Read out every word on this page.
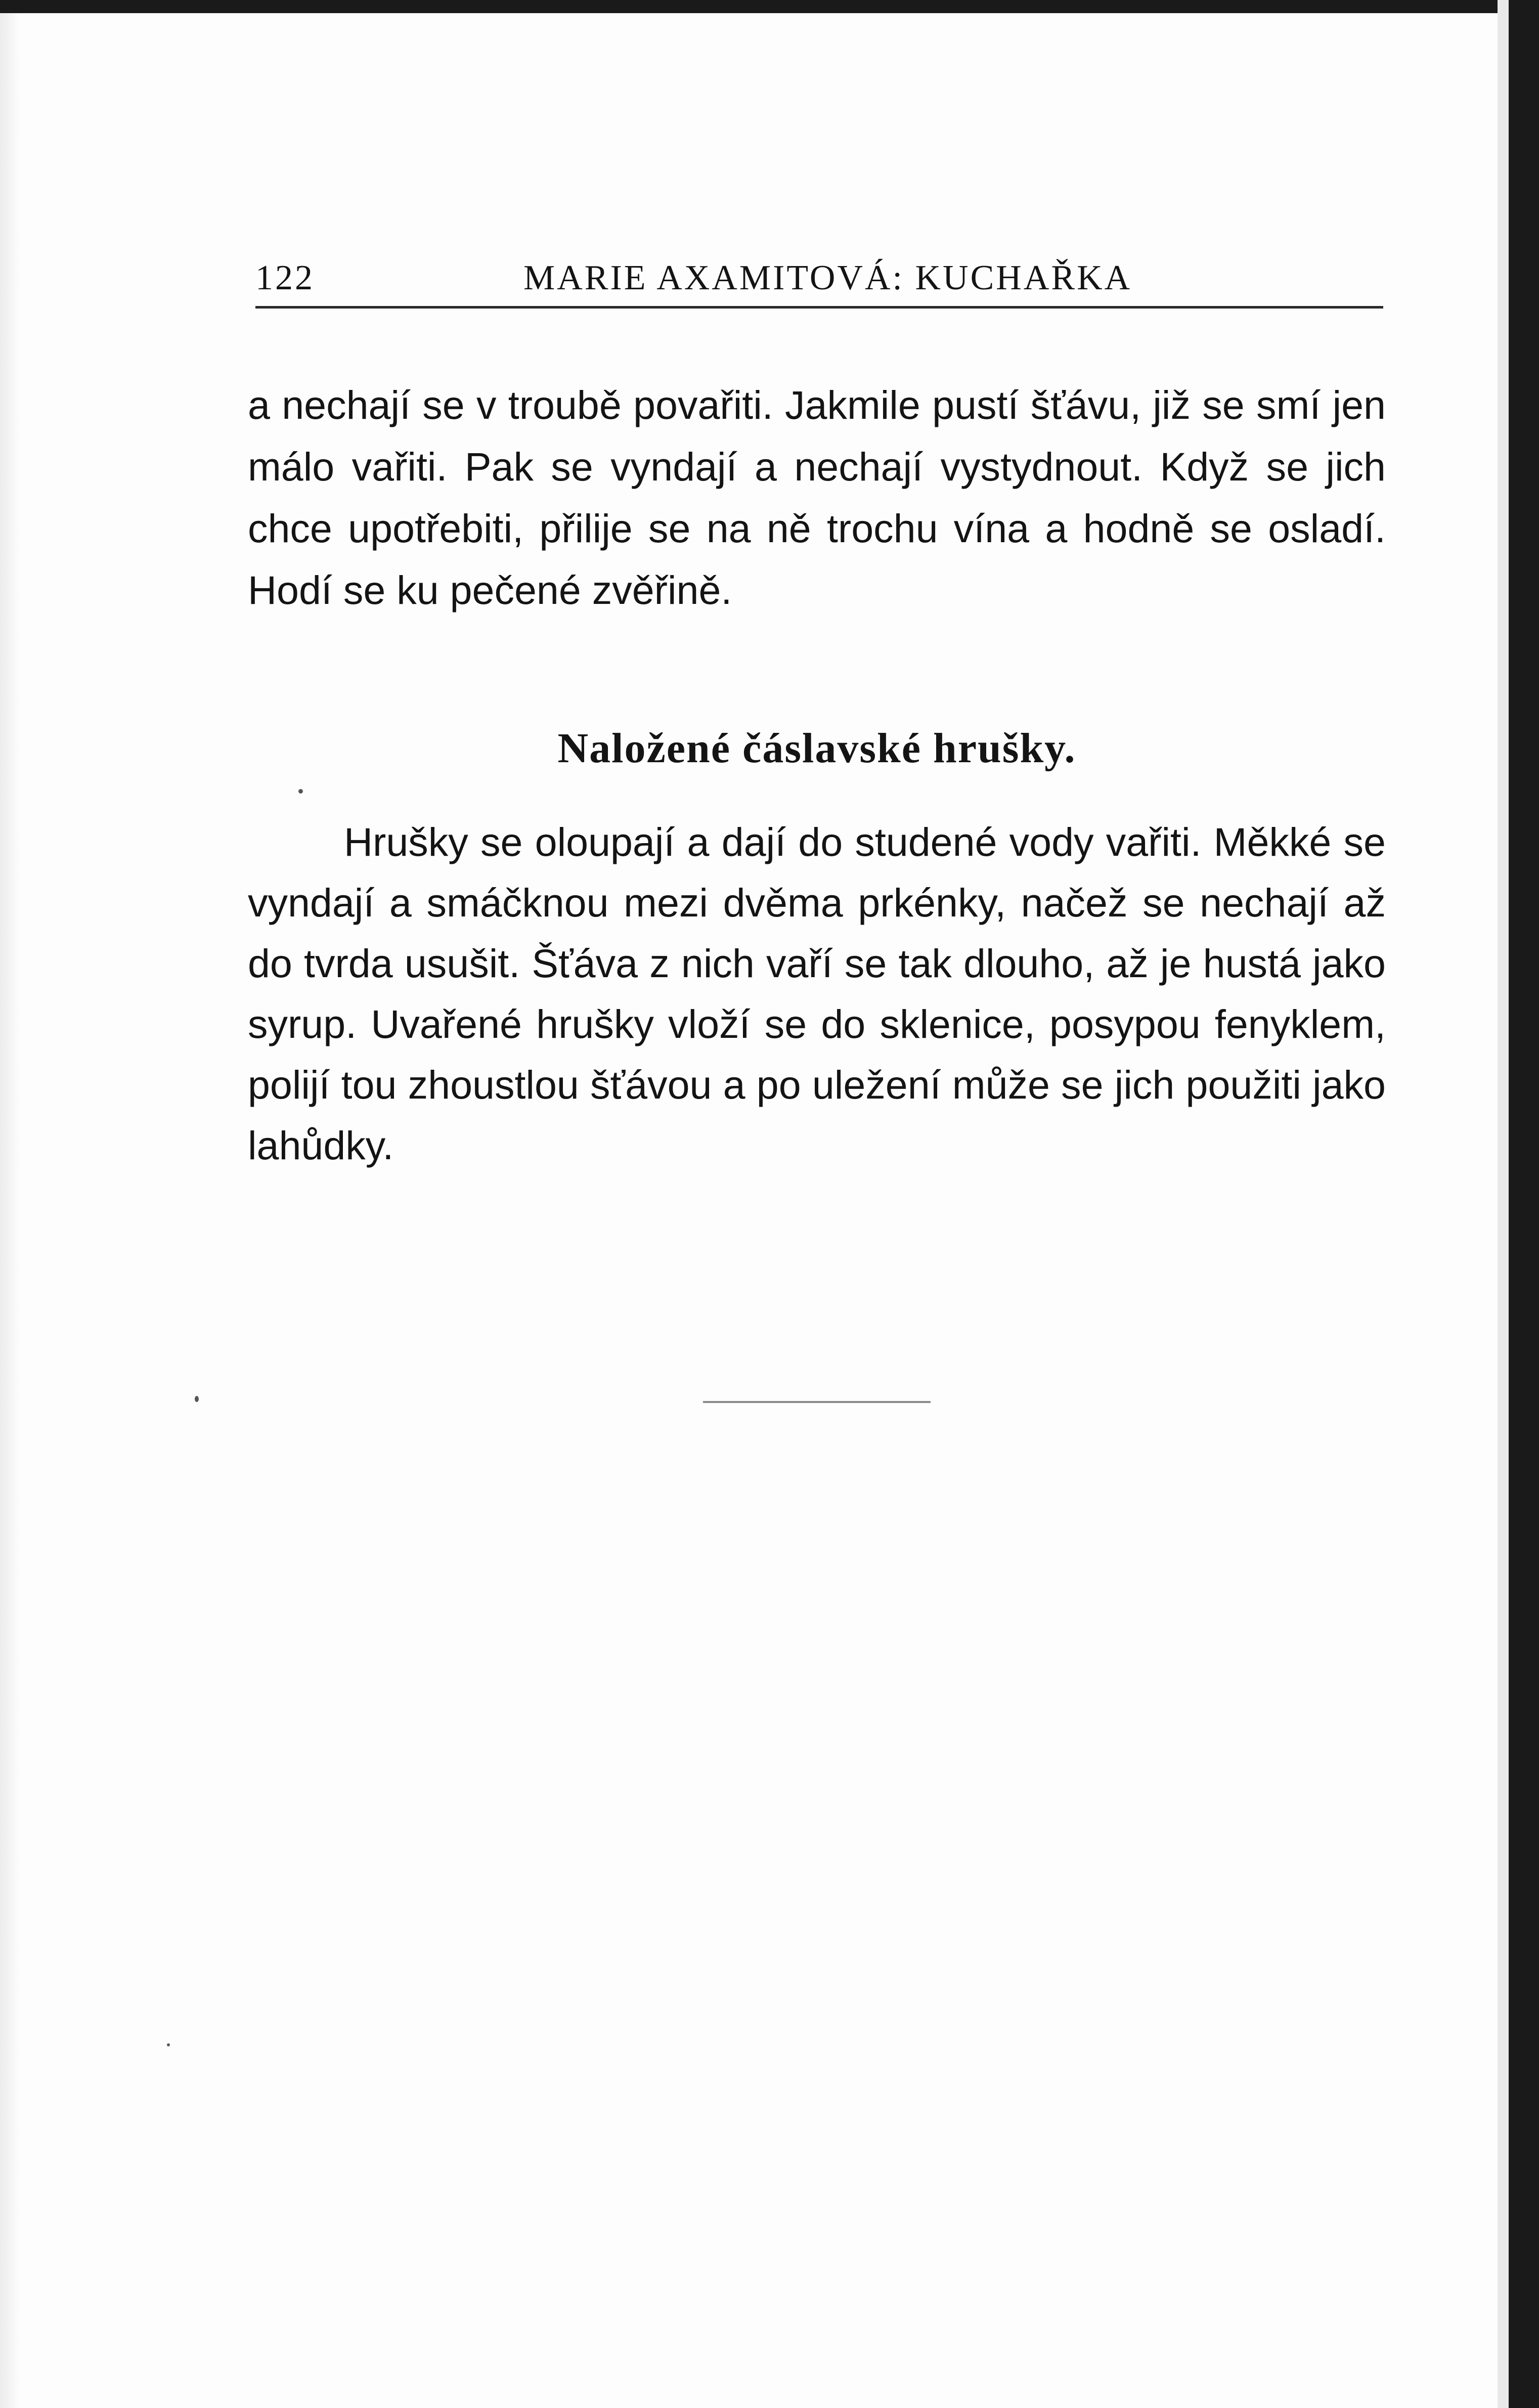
122	MARIE AXAMITOVÁ: KUCHAŘKA

a nechají se v troubě povařiti. Jakmile pustí šťávu, již se smí jen málo vařiti. Pak se vyndají a nechají vystydnout. Když se jich chce upotřebiti, přilije se na ně trochu vína a hodně se osladí. Hodí se ku pečené zvěřině.

Naložené čáslavské hrušky.

Hrušky se oloupají a dají do studené vody vařiti. Měkké se vyndají a smáčknou mezi dvěma prkénky, načež se nechají až do tvrda usušit. Šťáva z nich vaří se tak dlouho, až je hustá jako syrup. Uvařené hrušky vloží se do sklenice, posypou fenyklem, polijí tou zhoustlou šťávou a po uležení může se jich použiti jako lahůdky.
